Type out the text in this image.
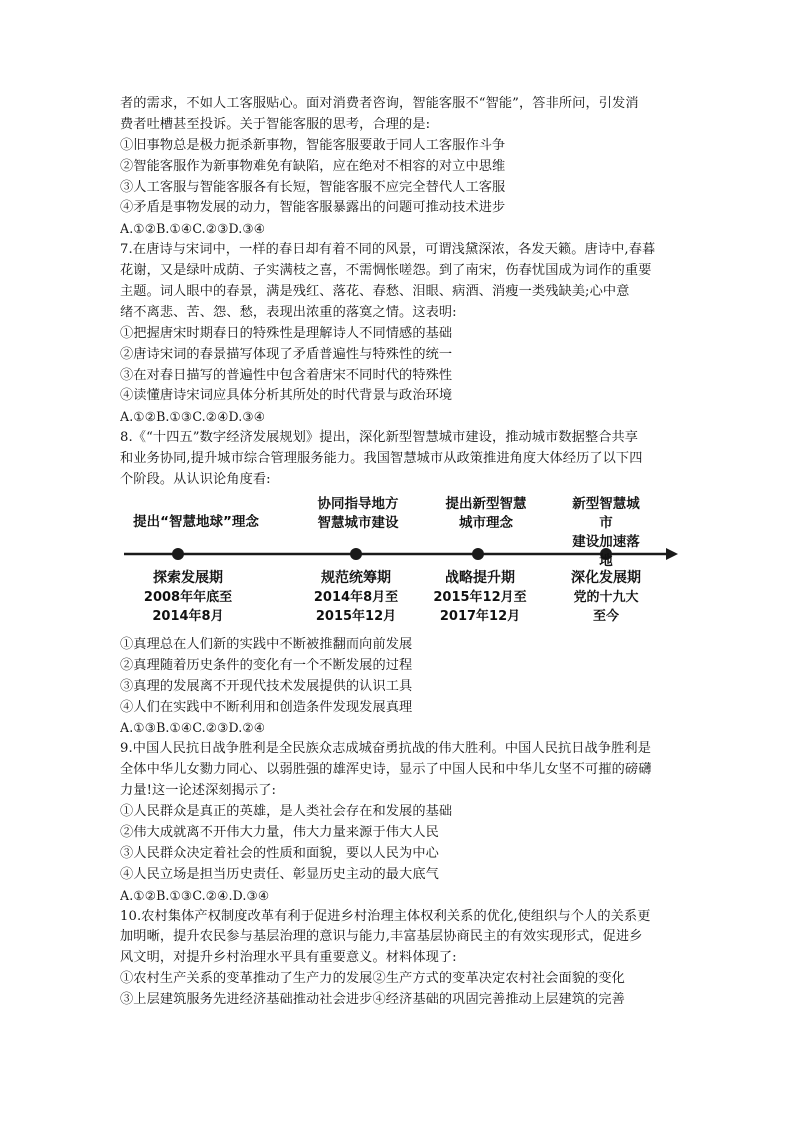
者的需求，不如人工客服贴心。面对消费者咨询，智能客服不“智能”，答非所问，引发消
费者吐槽甚至投诉。关于智能客服的思考，合理的是:
①旧事物总是极力扼杀新事物，智能客服要敢于同人工客服作斗争
②智能客服作为新事物难免有缺陷，应在绝对不相容的对立中思维
③人工客服与智能客服各有长短，智能客服不应完全替代人工客服
④矛盾是事物发展的动力，智能客服暴露出的问题可推动技术进步
A.①②B.①④C.②③D.③④
7.在唐诗与宋词中，一样的春日却有着不同的风景，可谓浅黛深浓，各发天籁。唐诗中,春暮
花谢，又是绿叶成荫、子实满枝之喜，不需惆怅嗟怨。到了南宋，伤春忧国成为词作的重要
主题。词人眼中的春景，满是残红、落花、春愁、泪眼、病酒、消瘦一类残缺美;心中意
绪不离悲、苦、怨、愁，表现出浓重的落寞之情。这表明:
①把握唐宋时期春日的特殊性是理解诗人不同情感的基础
②唐诗宋词的春景描写体现了矛盾普遍性与特殊性的统一
③在对春日描写的普遍性中包含着唐宋不同时代的特殊性
④读懂唐诗宋词应具体分析其所处的时代背景与政治环境
A.①②B.①③C.②④D.③④
8.《“十四五”数字经济发展规划》提出，深化新型智慧城市建设，推动城市数据整合共享
和业务协同,提升城市综合管理服务能力。我国智慧城市从政策推进角度大体经历了以下四
个阶段。从认识论角度看:
提出“智慧地球”理念
探索发展期
2008年年底至
2014年8月
协同指导地方
智慧城市建设
规范统筹期
2014年8月至
2015年12月
提出新型智慧
城市理念
战略提升期
2015年12月至
2017年12月
新型智慧城市
建设加速落地
深化发展期
党的十九大至今
①真理总在人们新的实践中不断被推翻而向前发展
②真理随着历史条件的变化有一个不断发展的过程
③真理的发展离不开现代技术发展提供的认识工具
④人们在实践中不断利用和创造条件发现发展真理
A.①③B.①④C.②③D.②④
9.中国人民抗日战争胜利是全民族众志成城奋勇抗战的伟大胜利。中国人民抗日战争胜利是
全体中华儿女勠力同心、以弱胜强的雄浑史诗，显示了中国人民和中华儿女坚不可摧的磅礴
力量!这一论述深刻揭示了:
①人民群众是真正的英雄，是人类社会存在和发展的基础
②伟大成就离不开伟大力量，伟大力量来源于伟大人民
③人民群众决定着社会的性质和面貌，要以人民为中心
④人民立场是担当历史责任、彰显历史主动的最大底气
A.①②B.①③C.②④.D.③④
10.农村集体产权制度改革有利于促进乡村治理主体权利关系的优化,使组织与个人的关系更
加明晰，提升农民参与基层治理的意识与能力,丰富基层协商民主的有效实现形式，促进乡
风文明，对提升乡村治理水平具有重要意义。材料体现了:
①农村生产关系的变革推动了生产力的发展②生产方式的变革决定农村社会面貌的变化
③上层建筑服务先进经济基础推动社会进步④经济基础的巩固完善推动上层建筑的完善
